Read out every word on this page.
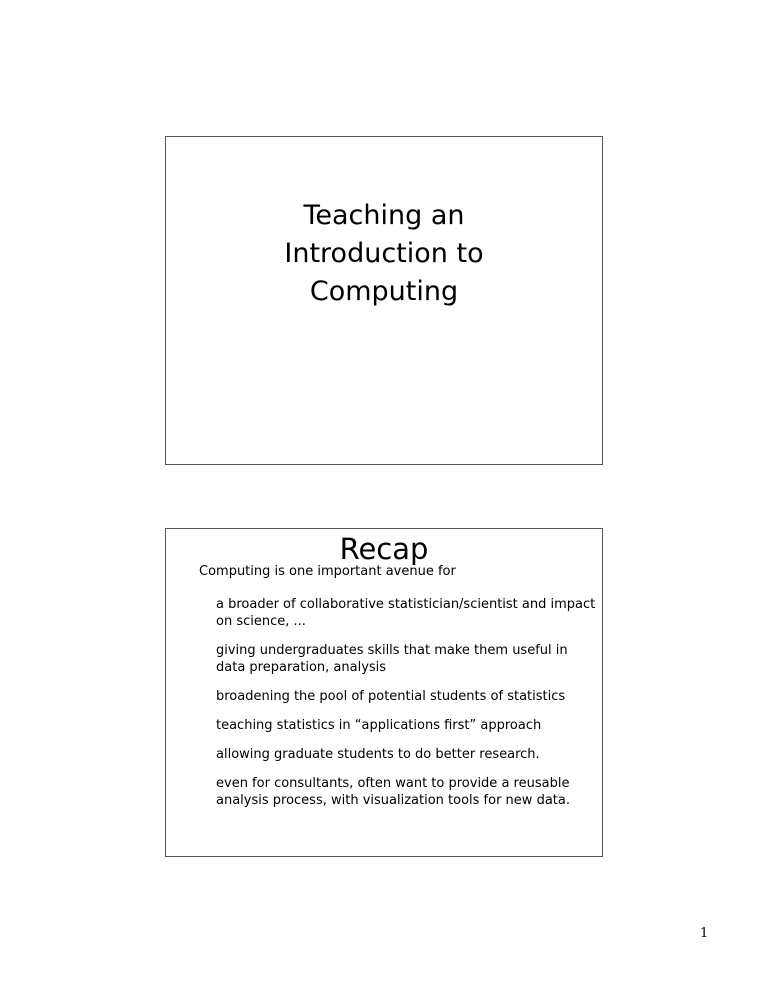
Teaching an
Introduction to
Computing
Recap

Computing is one important avenue for

a broader of collaborative statistician/scientist and impact on science, ...
giving undergraduates skills that make them useful in data preparation, analysis
broadening the pool of potential students of statistics
teaching statistics in “applications first” approach
allowing graduate students to do better research.
even for consultants, often want to provide a reusable analysis process, with visualization tools for new data.
1
